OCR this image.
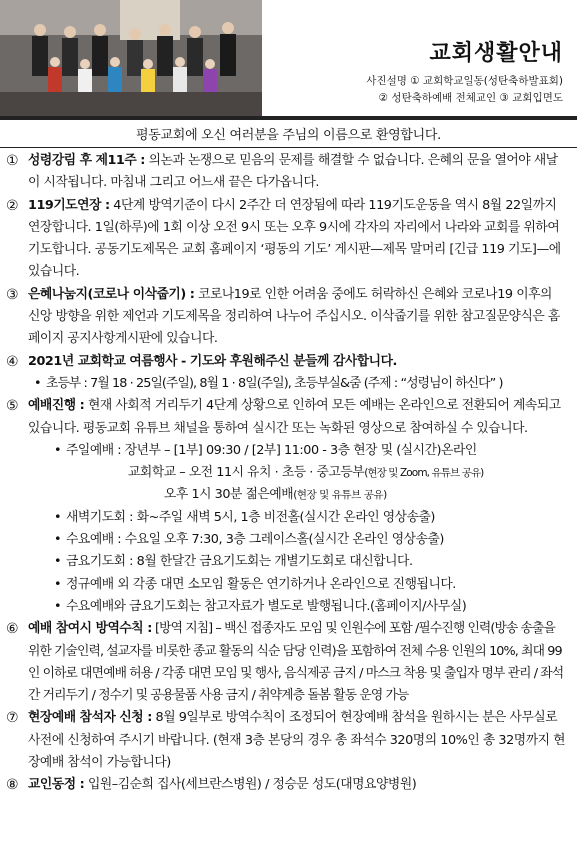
교회생활안내
사진설명 ① 교회학교일동(성탄축하발표회)
② 성탄축하예배 전체교인 ③ 교회입면도
평동교회에 오신 여러분을 주님의 이름으로 환영합니다.
① 성령강림 후 제11주 : 의논과 논쟁으로 믿음의 문제를 해결할 수 없습니다. 은혜의 문을 열어야 새날이 시작됩니다. 마침내 그리고 어느새 끝은 다가옵니다.
② 119기도연장 : 4단계 방역기준이 다시 2주간 더 연장됨에 따라 119기도운동을 역시 8월 22일까지 연장합니다. 1일(하루)에 1회 이상 오전 9시 또는 오후 9시에 각자의 자리에서 나라와 교회를 위하여 기도합니다. 공동기도제목은 교회 홈페이지 ‘평동의 기도’ 게시판—제목 말머리 [긴급 119 기도]—에 있습니다.
③ 은혜나눔지(코로나 이삭줍기) : 코로나19로 인한 어려움 중에도 허락하신 은혜와 코로나19 이후의 신앙 방향을 위한 제언과 기도제목을 정리하여 나누어 주십시오. 이삭줍기를 위한 참고질문양식은 홈페이지 공지사항게시판에 있습니다.
④ 2021년 교회학교 여름행사 - 기도와 후원해주신 분들께 감사합니다.
• 초등부 : 7월 18 · 25일(주일), 8월 1 · 8일(주일), 초등부실&줌 (주제 : “성령님이 하신다” )
⑤ 예배진행 : 현재 사회적 거리두기 4단계 상황으로 인하여 모든 예배는 온라인으로 전환되어 계속되고 있습니다. 평동교회 유튜브 채널을 통하여 실시간 또는 녹화된 영상으로 참여하실 수 있습니다.
• 주일예배 : 장년부 – [1부] 09:30 / [2부] 11:00 - 3층 현장 및 (실시간)온라인
교회학교 – 오전 11시 유치 · 초등 · 중고등부(현장 및 Zoom, 유튜브 공유)
오후 1시 30분 젊은예배(현장 및 유튜브 공유)
• 새벽기도회 : 화~주일 새벽 5시, 1층 비전홀(실시간 온라인 영상송출)
• 수요예배 : 수요일 오후 7:30, 3층 그레이스홀(실시간 온라인 영상송출)
• 금요기도회 : 8월 한달간 금요기도회는 개별기도회로 대신합니다.
• 정규예배 외 각종 대면 소모임 활동은 연기하거나 온라인으로 진행됩니다.
• 수요예배와 금요기도회는 참고자료가 별도로 발행됩니다.(홈페이지/사무실)
⑥ 예배 참여시 방역수칙 : [방역 지침] – 백신 접종자도 모임 및 인원수에 포함 /필수진행 인력(방송 송출을 위한 기술인력, 설교자를 비롯한 종교 활동의 식순 담당 인력)을 포함하여 전체 수용 인원의 10%, 최대 99인 이하로 대면예배 허용 / 각종 대면 모임 및 행사, 음식제공 금지 / 마스크 착용 및 출입자 명부 관리 / 좌석 간 거리두기 / 정수기 및 공용물품 사용 금지 / 취약계층 돌봄 활동 운영 가능
⑦ 현장예배 참석자 신청 : 8월 9일부로 방역수칙이 조정되어 현장예배 참석을 원하시는 분은 사무실로 사전에 신청하여 주시기 바랍니다. (현재 3층 본당의 경우 총 좌석수 320명의 10%인 총 32명까지 현장예배 참석이 가능합니다)
⑧ 교인동정 : 입원–김순희 집사(세브란스병원) / 정승문 성도(대명요양병원)
